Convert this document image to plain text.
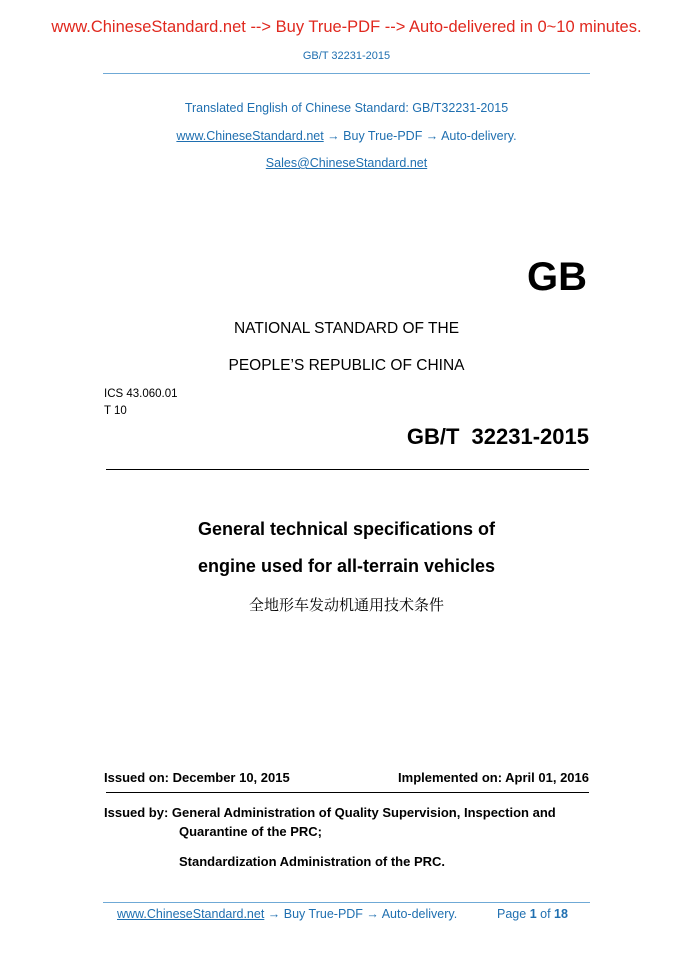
www.ChineseStandard.net --> Buy True-PDF --> Auto-delivered in 0~10 minutes.
GB/T 32231-2015
Translated English of Chinese Standard: GB/T32231-2015
www.ChineseStandard.net → Buy True-PDF → Auto-delivery.
Sales@ChineseStandard.net
GB
NATIONAL STANDARD OF THE
PEOPLE’S REPUBLIC OF CHINA
ICS 43.060.01
T 10
GB/T 32231-2015
General technical specifications of
engine used for all-terrain vehicles
全地形车发动机通用技术条件
Issued on: December 10, 2015	Implemented on: April 01, 2016
Issued by: General Administration of Quality Supervision, Inspection and
Quarantine of the PRC;
Standardization Administration of the PRC.
www.ChineseStandard.net → Buy True-PDF → Auto-delivery.	Page 1 of 18
